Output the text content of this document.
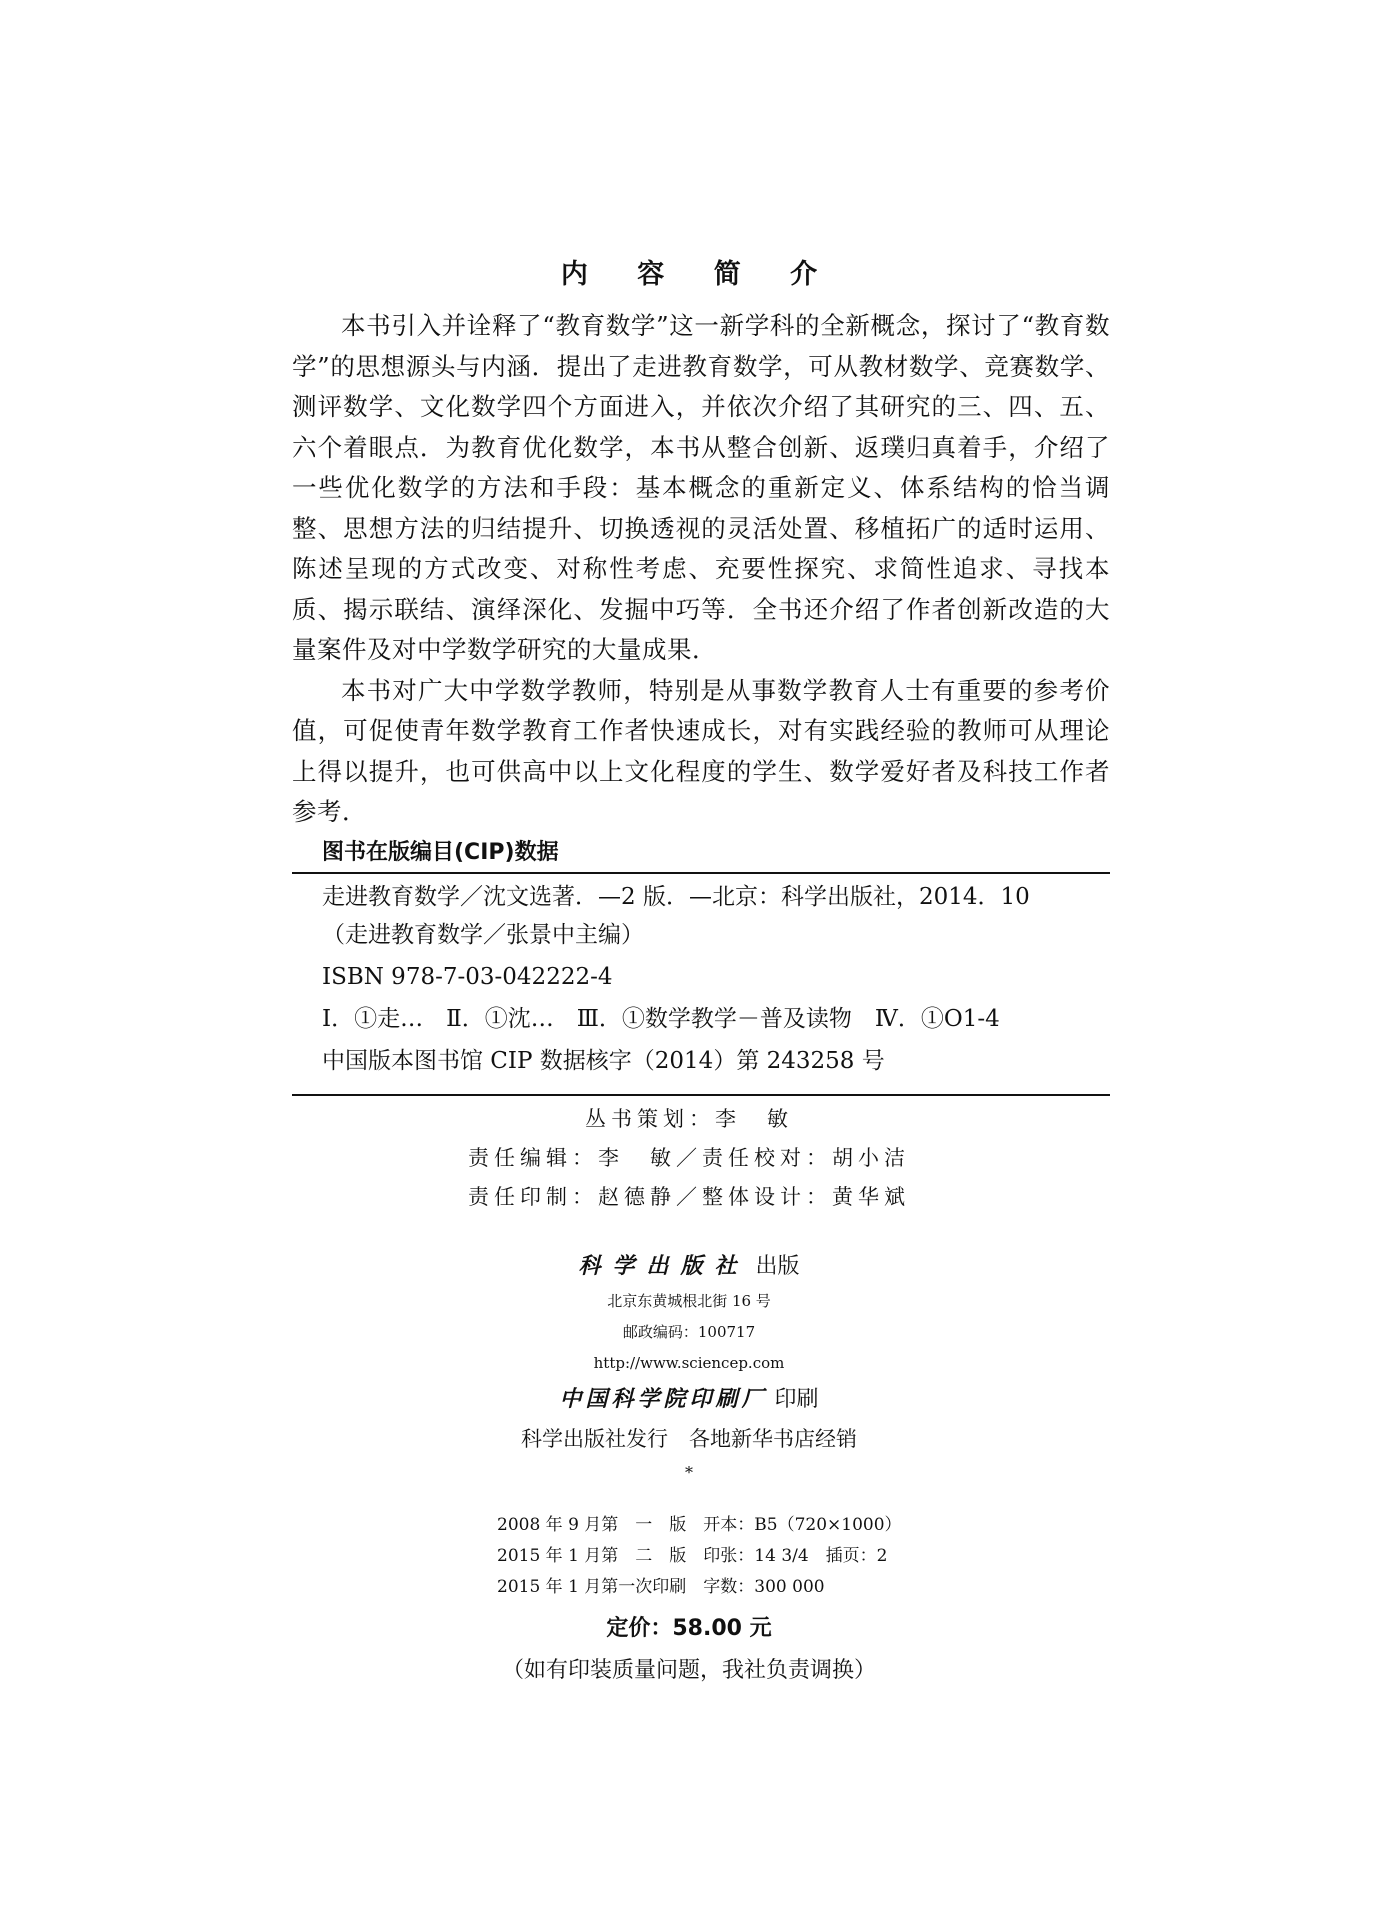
内 容 简 介

本书引入并诠释了“教育数学”这一新学科的全新概念，探讨了“教育数学”的思想源头与内涵．提出了走进教育数学，可从教材数学、竞赛数学、测评数学、文化数学四个方面进入，并依次介绍了其研究的三、四、五、六个着眼点．为教育优化数学，本书从整合创新、返璞归真着手，介绍了一些优化数学的方法和手段：基本概念的重新定义、体系结构的恰当调整、思想方法的归结提升、切换透视的灵活处置、移植拓广的适时运用、陈述呈现的方式改变、对称性考虑、充要性探究、求简性追求、寻找本质、揭示联结、演绎深化、发掘中巧等．全书还介绍了作者创新改造的大量案件及对中学数学研究的大量成果．

本书对广大中学数学教师，特别是从事数学教育人士有重要的参考价值，可促使青年数学教育工作者快速成长，对有实践经验的教师可从理论上得以提升，也可供高中以上文化程度的学生、数学爱好者及科技工作者参考．

图书在版编目(CIP)数据
走进教育数学／沈文选著．—2 版．—北京：科学出版社，2014．10
（走进教育数学／张景中主编）
ISBN 978-7-03-042222-4
Ⅰ．①走…　Ⅱ．①沈…　Ⅲ．①数学教学－普及读物　Ⅳ．①O1-4
中国版本图书馆 CIP 数据核字（2014）第 243258 号
丛书策划：李　敏
责任编辑：李　敏／责任校对：胡小洁
责任印制：赵德静／整体设计：黄华斌
科学出版社 出版
北京东黄城根北街 16 号
邮政编码：100717
http://www.sciencep.com
中国科学院印刷厂 印刷
科学出版社发行　各地新华书店经销
*
2008 年 9 月第　一　版　开本：B5（720×1000）
2015 年 1 月第　二　版　印张：14 3/4　插页：2
2015 年 1 月第一次印刷　字数：300 000
定价：58.00 元
（如有印装质量问题，我社负责调换）
